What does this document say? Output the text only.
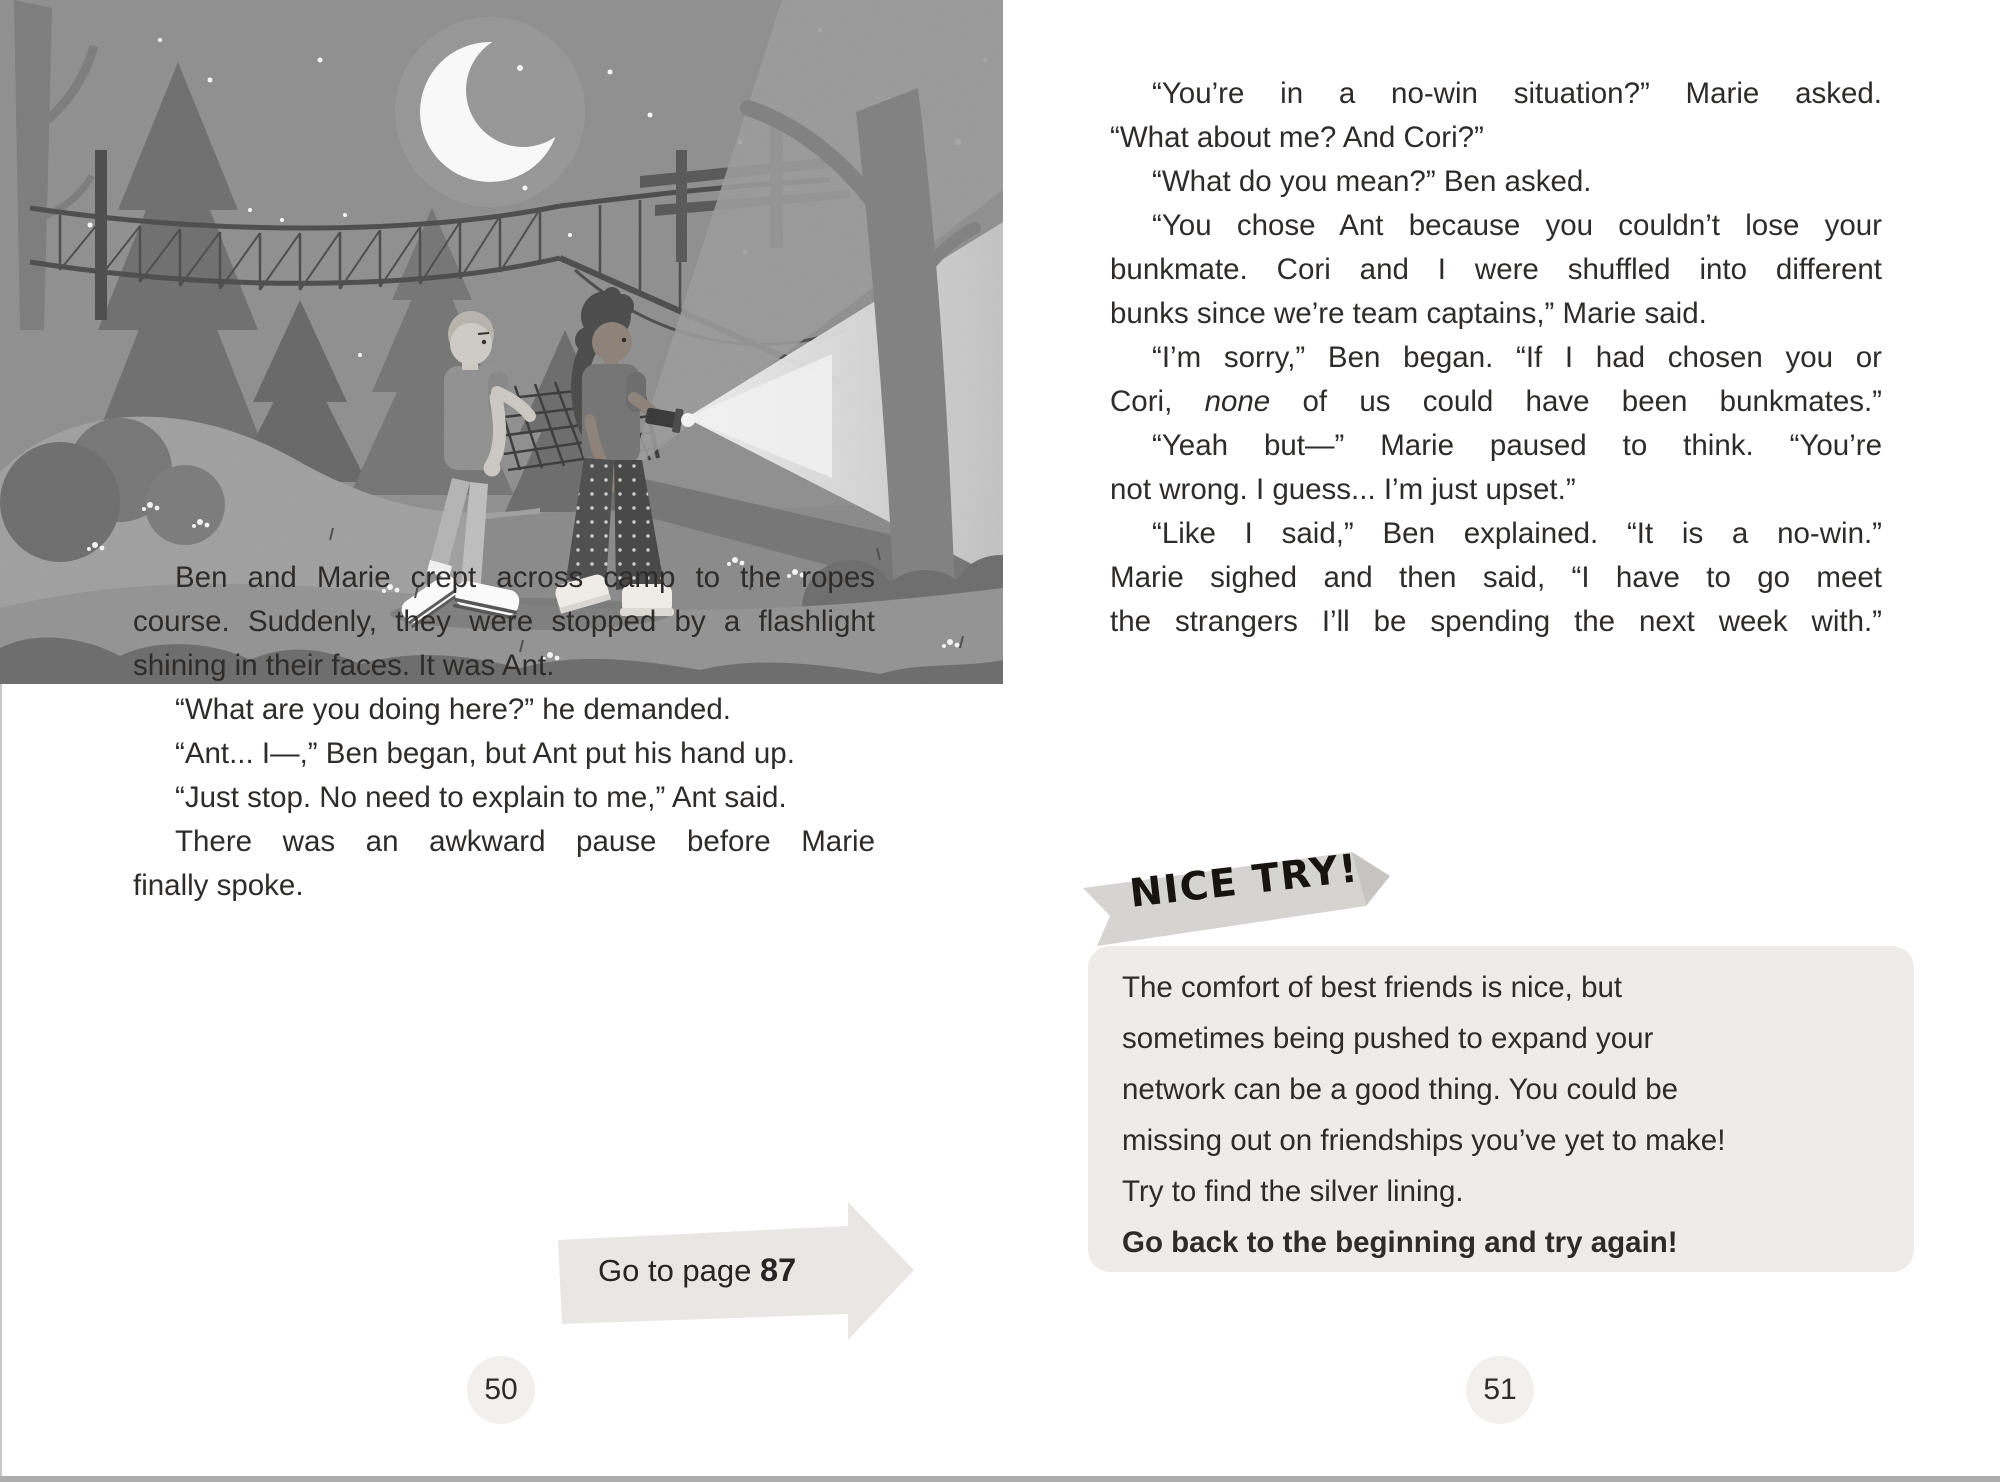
Ben and Marie crept across camp to the ropes
course. Suddenly, they were stopped by a flashlight
shining in their faces. It was Ant.
“What are you doing here?” he demanded.
“Ant... I—,” Ben began, but Ant put his hand up.
“Just stop. No need to explain to me,” Ant said.
There was an awkward pause before Marie
finally spoke.
Go to page 87
50	51
“You’re in a no-win situation?” Marie asked.
“What about me? And Cori?”
“What do you mean?” Ben asked.
“You chose Ant because you couldn’t lose your
bunkmate. Cori and I were shuffled into different
bunks since we’re team captains,” Marie said.
“I’m sorry,” Ben began. “If I had chosen you or
Cori, none of us could have been bunkmates.”
“Yeah but—” Marie paused to think. “You’re
not wrong. I guess... I’m just upset.”
“Like I said,” Ben explained. “It is a no-win.”
Marie sighed and then said, “I have to go meet
the strangers I’ll be spending the next week with.”
NICE TRY!
The comfort of best friends is nice, but
sometimes being pushed to expand your
network can be a good thing. You could be
missing out on friendships you’ve yet to make!
Try to find the silver lining.
Go back to the beginning and try again!
